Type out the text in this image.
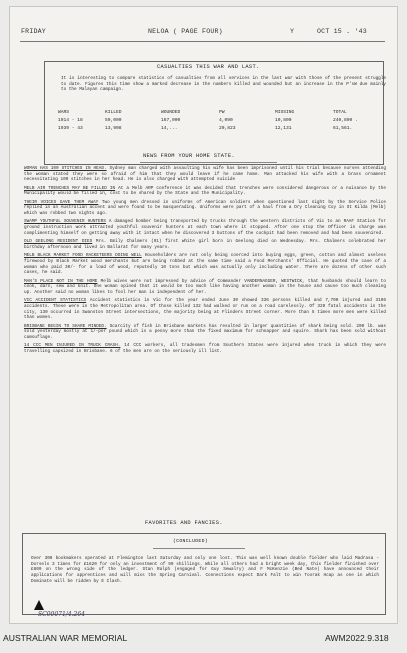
FRIDAY	NELOA ( PAGE FOUR)	Y	OCT 15 . '43
CASUALTIES THIS WAR AND LAST.

It is interesting to compare statistics of casualties from all services in the last war with those of the present struggle to date. Figures this time show a marked decrease in the numbers killed and wounded but an increase in the P'sW due mainly to the Malayan campaign.

WARS	KILLED	WOUNDED	PW	MISSING	TOTAL
1914 - 18	59,000	167,000	4,090	10,800	240,890 .
1939 - 43	13,908	14,...	20,823	12,131	61,561.
NEWS FROM YOUR HOME STATE.

WOMAN HAS 100 STITCHES IN HEAD. Sydney man charged with assaulting his wife has been imprisoned until his trial because nurses attending the woman stated they were so afraid of him that they would leave if he came home. Man attacked his wife with a brass ornament necessitating 100 stitches in her head. He is also charged with attempted suicide

MELB AIR TRENCHES MAY BE FILLED IN At a Melb ARP conference it was decided that trenches were considered dangerous or a nuisance by the Municipality would be filled in, cost to be shared by the State and the Municipality.

THEIR VOICES GAVE THEM AWAY Two young men dressed in uniforms of American soldiers when questioned last night by the Service Police replied in an Australian accent and were found to be masquerading. Uniforms were part of a haul from a Dry Cleaning Coy in St Kilda (Melb) which was robbed two nights ago.

SWAMP YOUTHFUL SOUVENIR HUNTERS A damaged bomber being transported by trucks through the western districts of Vic to an RAAF Station for ground instruction work attracted youthful souvenir hunters at each town where it stopped. After one stop the Officer in charge was complimenting himself on getting away with it intact when he discovered 3 buttons of the cockpit had been removed and had been souvenired.

OLD GEELONG RESIDENT DIES Mrs. Emily Chalmers (91) first white girl born in Geelong died on Wednesday. Mrs. Chalmers celebrated her birthday afternoon and lived in Ballarat for many years.

MELB BLACK MARKET FOOD RACKETEERS DOING WELL Householders are not only being coerced into buying eggs, green, cotton and almost useless firewood by Black Market wood merchants but are being robbed at the same time said a Food Merchants' Official. He quoted the case of a woman who paid 30/- for a load of wood, reputedly 10 tons but which was actually only including water. There are dozens of other such cases, he said.

MAN'S PLACE NOT IN THE HOME Melb wives were not impressed by advice of Commander VANDERNAGGER, WESTWICK, that husbands should learn to cook, darn, sew and knit. One woman opined that it would be too much like having another woman in the house and cause too much cleaning up. Another said no woman likes to fool her man is independent of her.

VIC ACCIDENT STATISTICS Accident statistics in Vic for the year ended June 30 showed 336 persons killed and 7,700 injured and 3196 accidents. These were in the Metropolitan area. Of those killed 132 had walked or run on a road carelessly. Of 320 fatal accidents in the city, 130 occurred in Swanston Street intersections, the majority being at Flinders Street corner. More than 5 times more men were killed than women.

BRISBANE BEGIN TO SHARE MINDED. Scarcity of fish in Brisbane markets has resulted in larger quantities of shark being sold. 200 lb. was sold yesterday mostly at 1/-per pound which is a penny more than the fixed maximum for schnapper and squire. Shark has been sold without camouflage.

14 CCC MEN INJURED IN TRUCK CRASH. 14 CCC workers, all tradesmen from Southern States were injured when truck in which they were travelling capsized in Brisbane. 6 of the men are on the seriously ill list.

FAVORITES AND FANCIES.
(CONCLUDED)

Over 300 bookmakers operated at Flemington last Saturday and only one lost. This was well known double fielder who laid Madrasa - Dorsels 3 times for £1620 for only an investment of 90 shillings. While all others had a bright week day, this fielder finished over £800 on the wrong side of the ledger. Stan Ralph (engaged for Guy Sewalry) and F McKenzie (Bed Nate) have announced their applications for apprentices and will miss the Spring Carnival. Connections expect Dark Falt to win Toorak Hcap as one in which Dominate will be ridden by E Clash.

SC00071/4.264
AUSTRALIAN WAR MEMORIAL	AWM2022.9.318
